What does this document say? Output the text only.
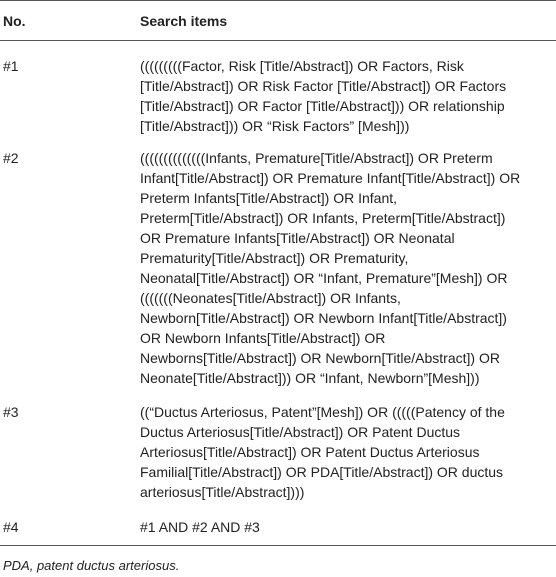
No.	Search items
#1	(((((((((Factor, Risk [Title/Abstract]) OR Factors, Risk
[Title/Abstract]) OR Risk Factor [Title/Abstract]) OR Factors
[Title/Abstract]) OR Factor [Title/Abstract])) OR relationship
[Title/Abstract])) OR “Risk Factors” [Mesh]))
#2	((((((((((((((Infants, Premature[Title/Abstract]) OR Preterm
Infant[Title/Abstract]) OR Premature Infant[Title/Abstract]) OR
Preterm Infants[Title/Abstract]) OR Infant,
Preterm[Title/Abstract]) OR Infants, Preterm[Title/Abstract])
OR Premature Infants[Title/Abstract]) OR Neonatal
Prematurity[Title/Abstract]) OR Prematurity,
Neonatal[Title/Abstract]) OR “Infant, Premature”[Mesh]) OR
(((((((Neonates[Title/Abstract]) OR Infants,
Newborn[Title/Abstract]) OR Newborn Infant[Title/Abstract])
OR Newborn Infants[Title/Abstract]) OR
Newborns[Title/Abstract]) OR Newborn[Title/Abstract]) OR
Neonate[Title/Abstract])) OR “Infant, Newborn”[Mesh]))
#3	((“Ductus Arteriosus, Patent”[Mesh]) OR (((((Patency of the
Ductus Arteriosus[Title/Abstract]) OR Patent Ductus
Arteriosus[Title/Abstract]) OR Patent Ductus Arteriosus
Familial[Title/Abstract]) OR PDA[Title/Abstract]) OR ductus
arteriosus[Title/Abstract])))
#4	#1 AND #2 AND #3
PDA, patent ductus arteriosus.
